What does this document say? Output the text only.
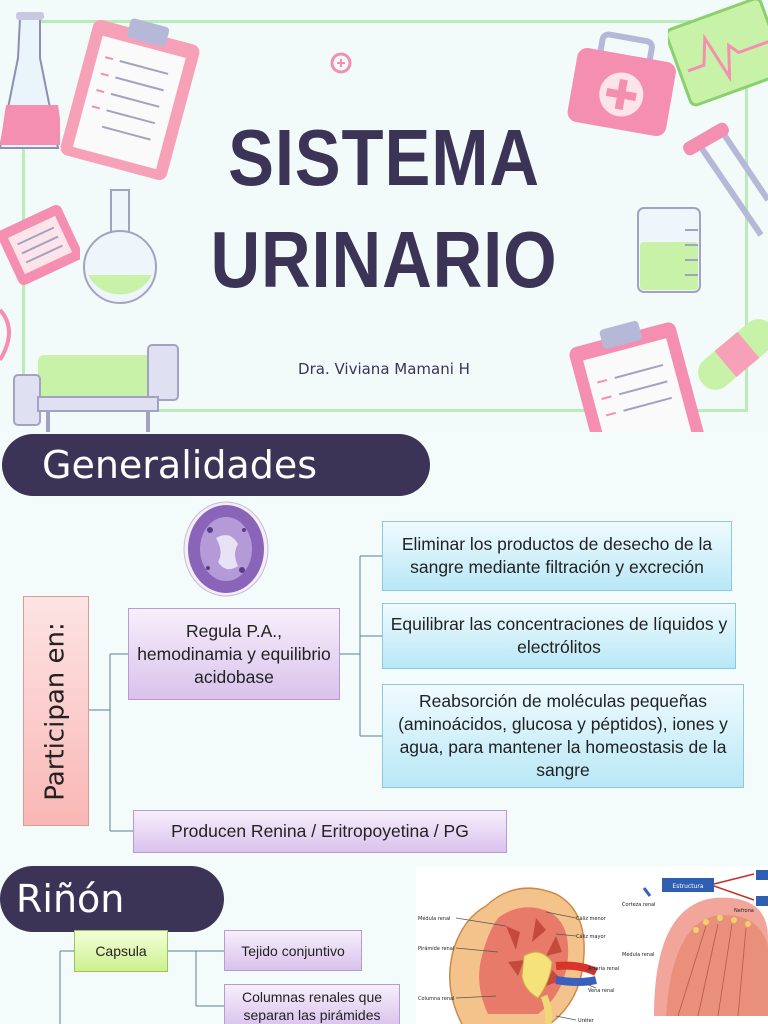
SISTEMA
URINARIO
Dra. Viviana Mamani H
Generalidades
Participan en:	Regula P.A., hemodinamia y equilibrio acidobase
Producen Renina / Eritropoyetina / PG
Eliminar los productos de desecho de la sangre mediante filtración y excreción
Equilibrar las concentraciones de líquidos y electrólitos
Reabsorción de moléculas pequeñas (aminoácidos, glucosa y péptidos), iones y agua, para mantener la homeostasis de la sangre
Riñón
Capsula	Tejido conjuntivo
Columnas renales que separan las pirámides
Médula renal
Pirámide renal
Columna renal
Cáliz menor
Cáliz mayor
Arteria renal
Vena renal
Uréter
Estructura
Corteza renal
Médula renal
Nefrona
